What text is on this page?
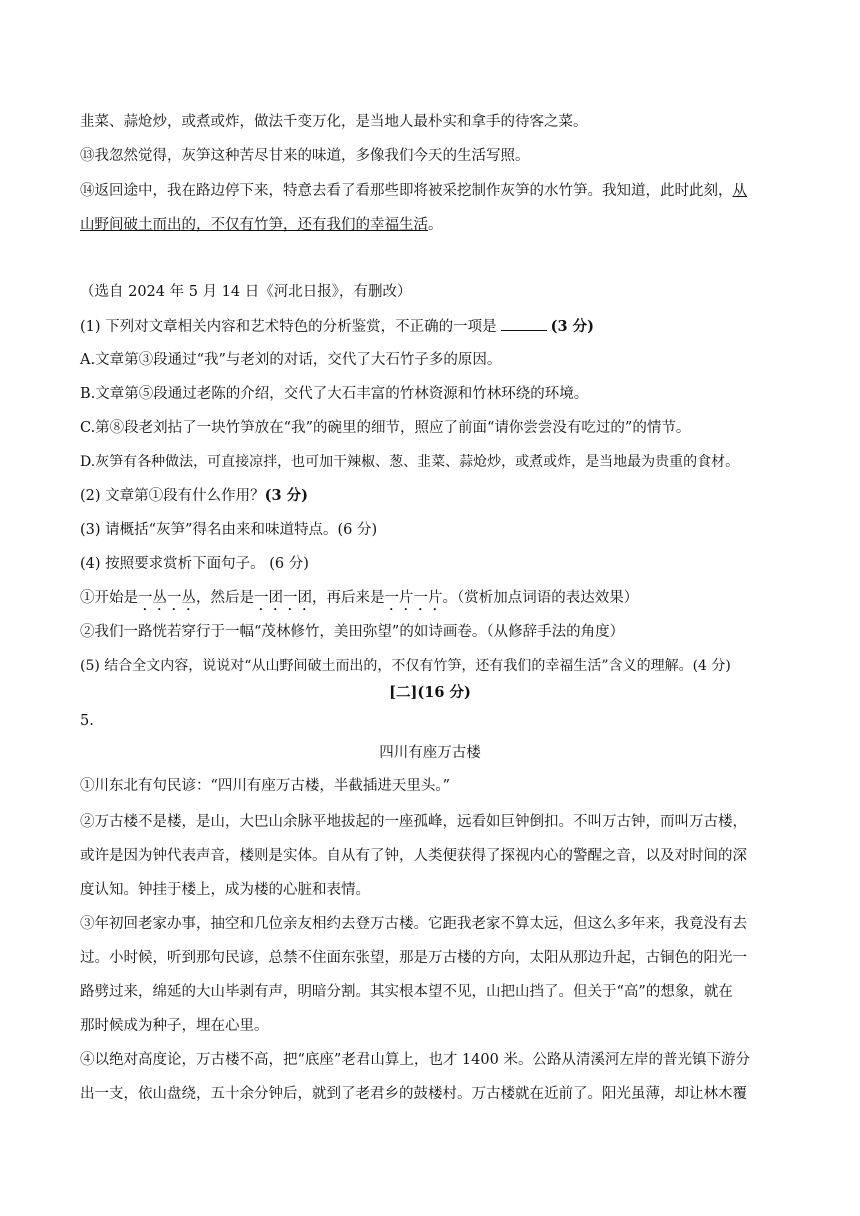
韭菜、蒜炝炒，或煮或炸，做法千变万化，是当地人最朴实和拿手的待客之菜。
⑬我忽然觉得，灰笋这种苦尽甘来的味道，多像我们今天的生活写照。
⑭返回途中，我在路边停下来，特意去看了看那些即将被采挖制作灰笋的水竹笋。我知道，此时此刻，从
山野间破土而出的，不仅有竹笋，还有我们的幸福生活。
（选自 2024 年 5 月 14 日《河北日报》，有删改）
(1) 下列对文章相关内容和艺术特色的分析鉴赏，不正确的一项是	(3 分)
A.文章第③段通过“我”与老刘的对话，交代了大石竹子多的原因。
B.文章第⑤段通过老陈的介绍，交代了大石丰富的竹林资源和竹林环绕的环境。
C.第⑧段老刘拈了一块竹笋放在“我”的碗里的细节，照应了前面“请你尝尝没有吃过的”的情节。
D.灰笋有各种做法，可直接凉拌，也可加干辣椒、葱、韭菜、蒜炝炒，或煮或炸，是当地最为贵重的食材。
(2) 文章第①段有什么作用？(3 分)
(3) 请概括“灰笋”得名由来和味道特点。(6 分)
(4) 按照要求赏析下面句子。 (6 分)
①开始是一丛一丛，然后是一团一团，再后来是一片一片。（赏析加点词语的表达效果）
②我们一路恍若穿行于一幅“茂林修竹，美田弥望”的如诗画卷。（从修辞手法的角度）
(5) 结合全文内容，说说对“从山野间破土而出的，不仅有竹笋，还有我们的幸福生活”含义的理解。(4 分)
[二](16 分)
5.
四川有座万古楼
①川东北有句民谚：“四川有座万古楼，半截插进天里头。”
②万古楼不是楼，是山，大巴山余脉平地拔起的一座孤峰，远看如巨钟倒扣。不叫万古钟，而叫万古楼，
或许是因为钟代表声音，楼则是实体。自从有了钟，人类便获得了探视内心的警醒之音，以及对时间的深
度认知。钟挂于楼上，成为楼的心脏和表情。
③年初回老家办事，抽空和几位亲友相约去登万古楼。它距我老家不算太远，但这么多年来，我竟没有去
过。小时候，听到那句民谚，总禁不住面东张望，那是万古楼的方向，太阳从那边升起，古铜色的阳光一
路劈过来，绵延的大山毕剥有声，明暗分割。其实根本望不见，山把山挡了。但关于“高”的想象，就在
那时候成为种子，埋在心里。
④以绝对高度论，万古楼不高，把“底座”老君山算上，也才 1400 米。公路从清溪河左岸的普光镇下游分
出一支，依山盘绕，五十余分钟后，就到了老君乡的鼓楼村。万古楼就在近前了。阳光虽薄，却让林木覆
